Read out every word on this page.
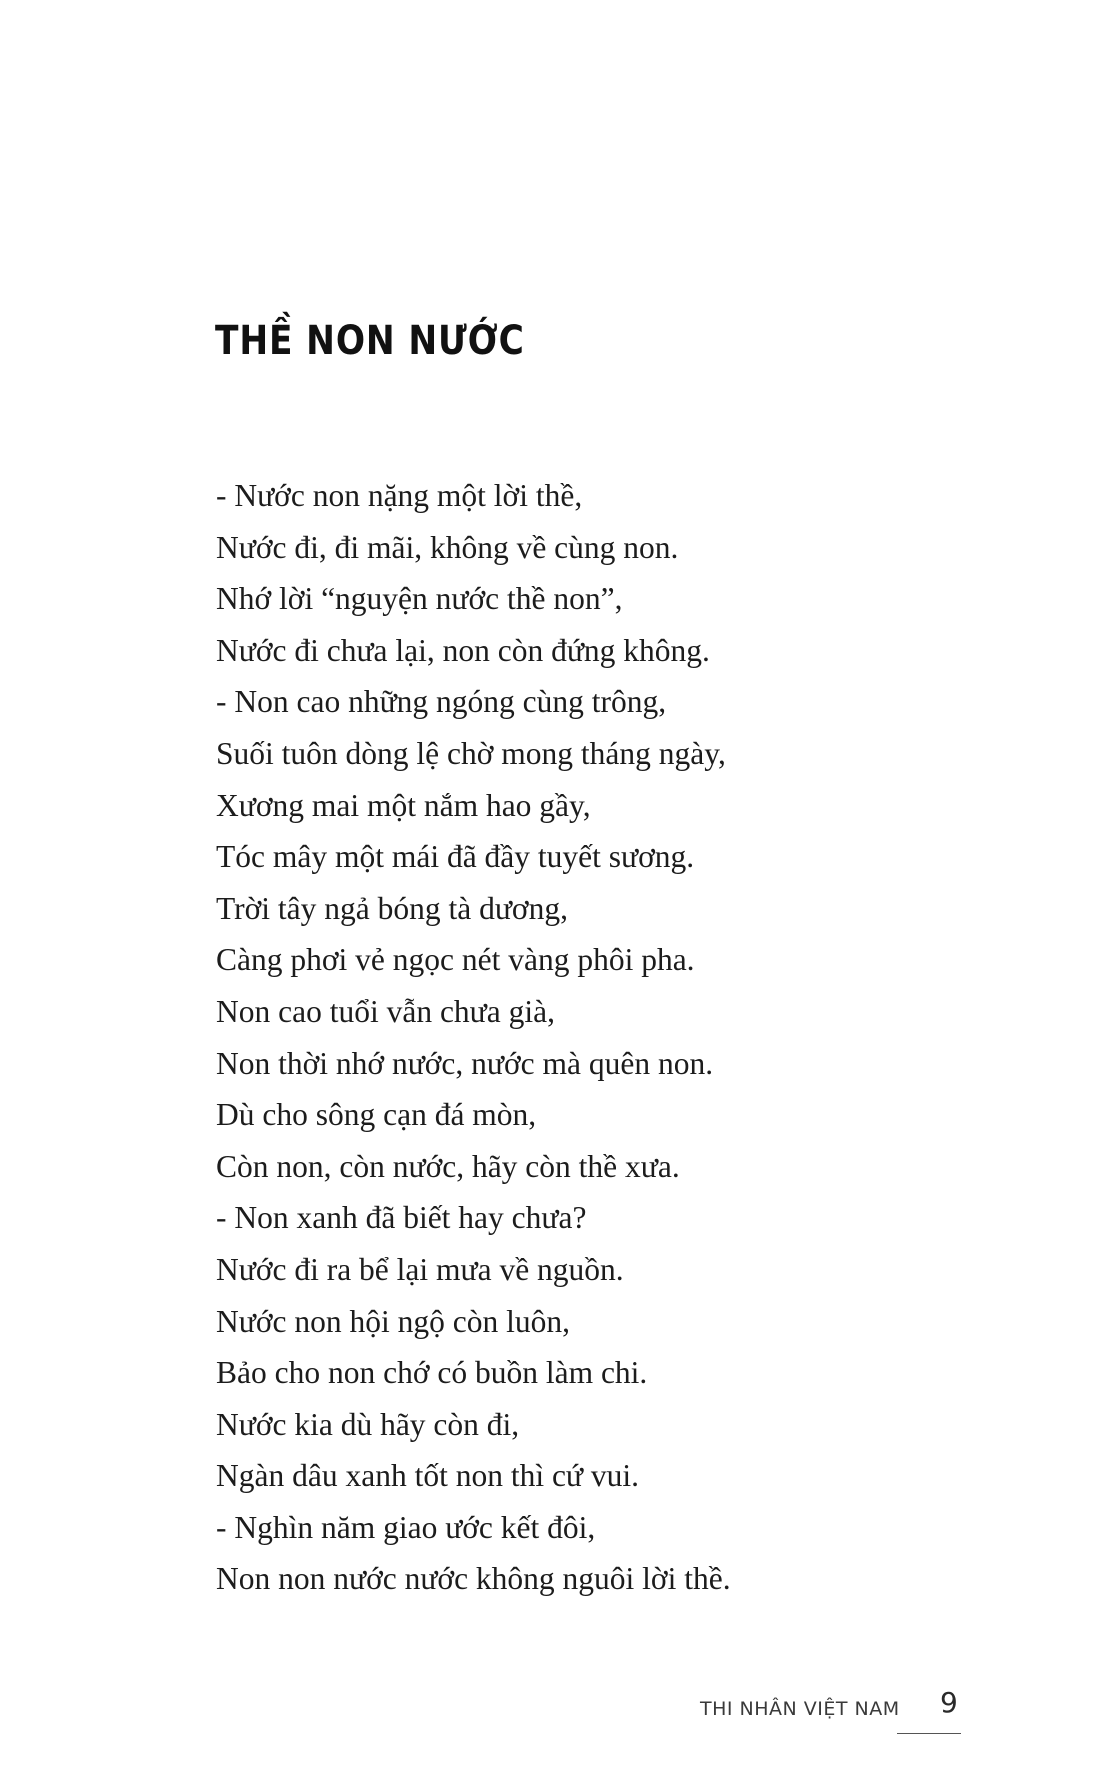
THỀ NON NƯỚC
- Nước non nặng một lời thề,
Nước đi, đi mãi, không về cùng non.
Nhớ lời “nguyện nước thề non”,
Nước đi chưa lại, non còn đứng không.
- Non cao những ngóng cùng trông,
Suối tuôn dòng lệ chờ mong tháng ngày,
Xương mai một nắm hao gầy,
Tóc mây một mái đã đầy tuyết sương.
Trời tây ngả bóng tà dương,
Càng phơi vẻ ngọc nét vàng phôi pha.
Non cao tuổi vẫn chưa già,
Non thời nhớ nước, nước mà quên non.
Dù cho sông cạn đá mòn,
Còn non, còn nước, hãy còn thề xưa.
- Non xanh đã biết hay chưa?
Nước đi ra bể lại mưa về nguồn.
Nước non hội ngộ còn luôn,
Bảo cho non chớ có buồn làm chi.
Nước kia dù hãy còn đi,
Ngàn dâu xanh tốt non thì cứ vui.
- Nghìn năm giao ước kết đôi,
Non non nước nước không nguôi lời thề.
THI NHÂN VIỆT NAM 9
